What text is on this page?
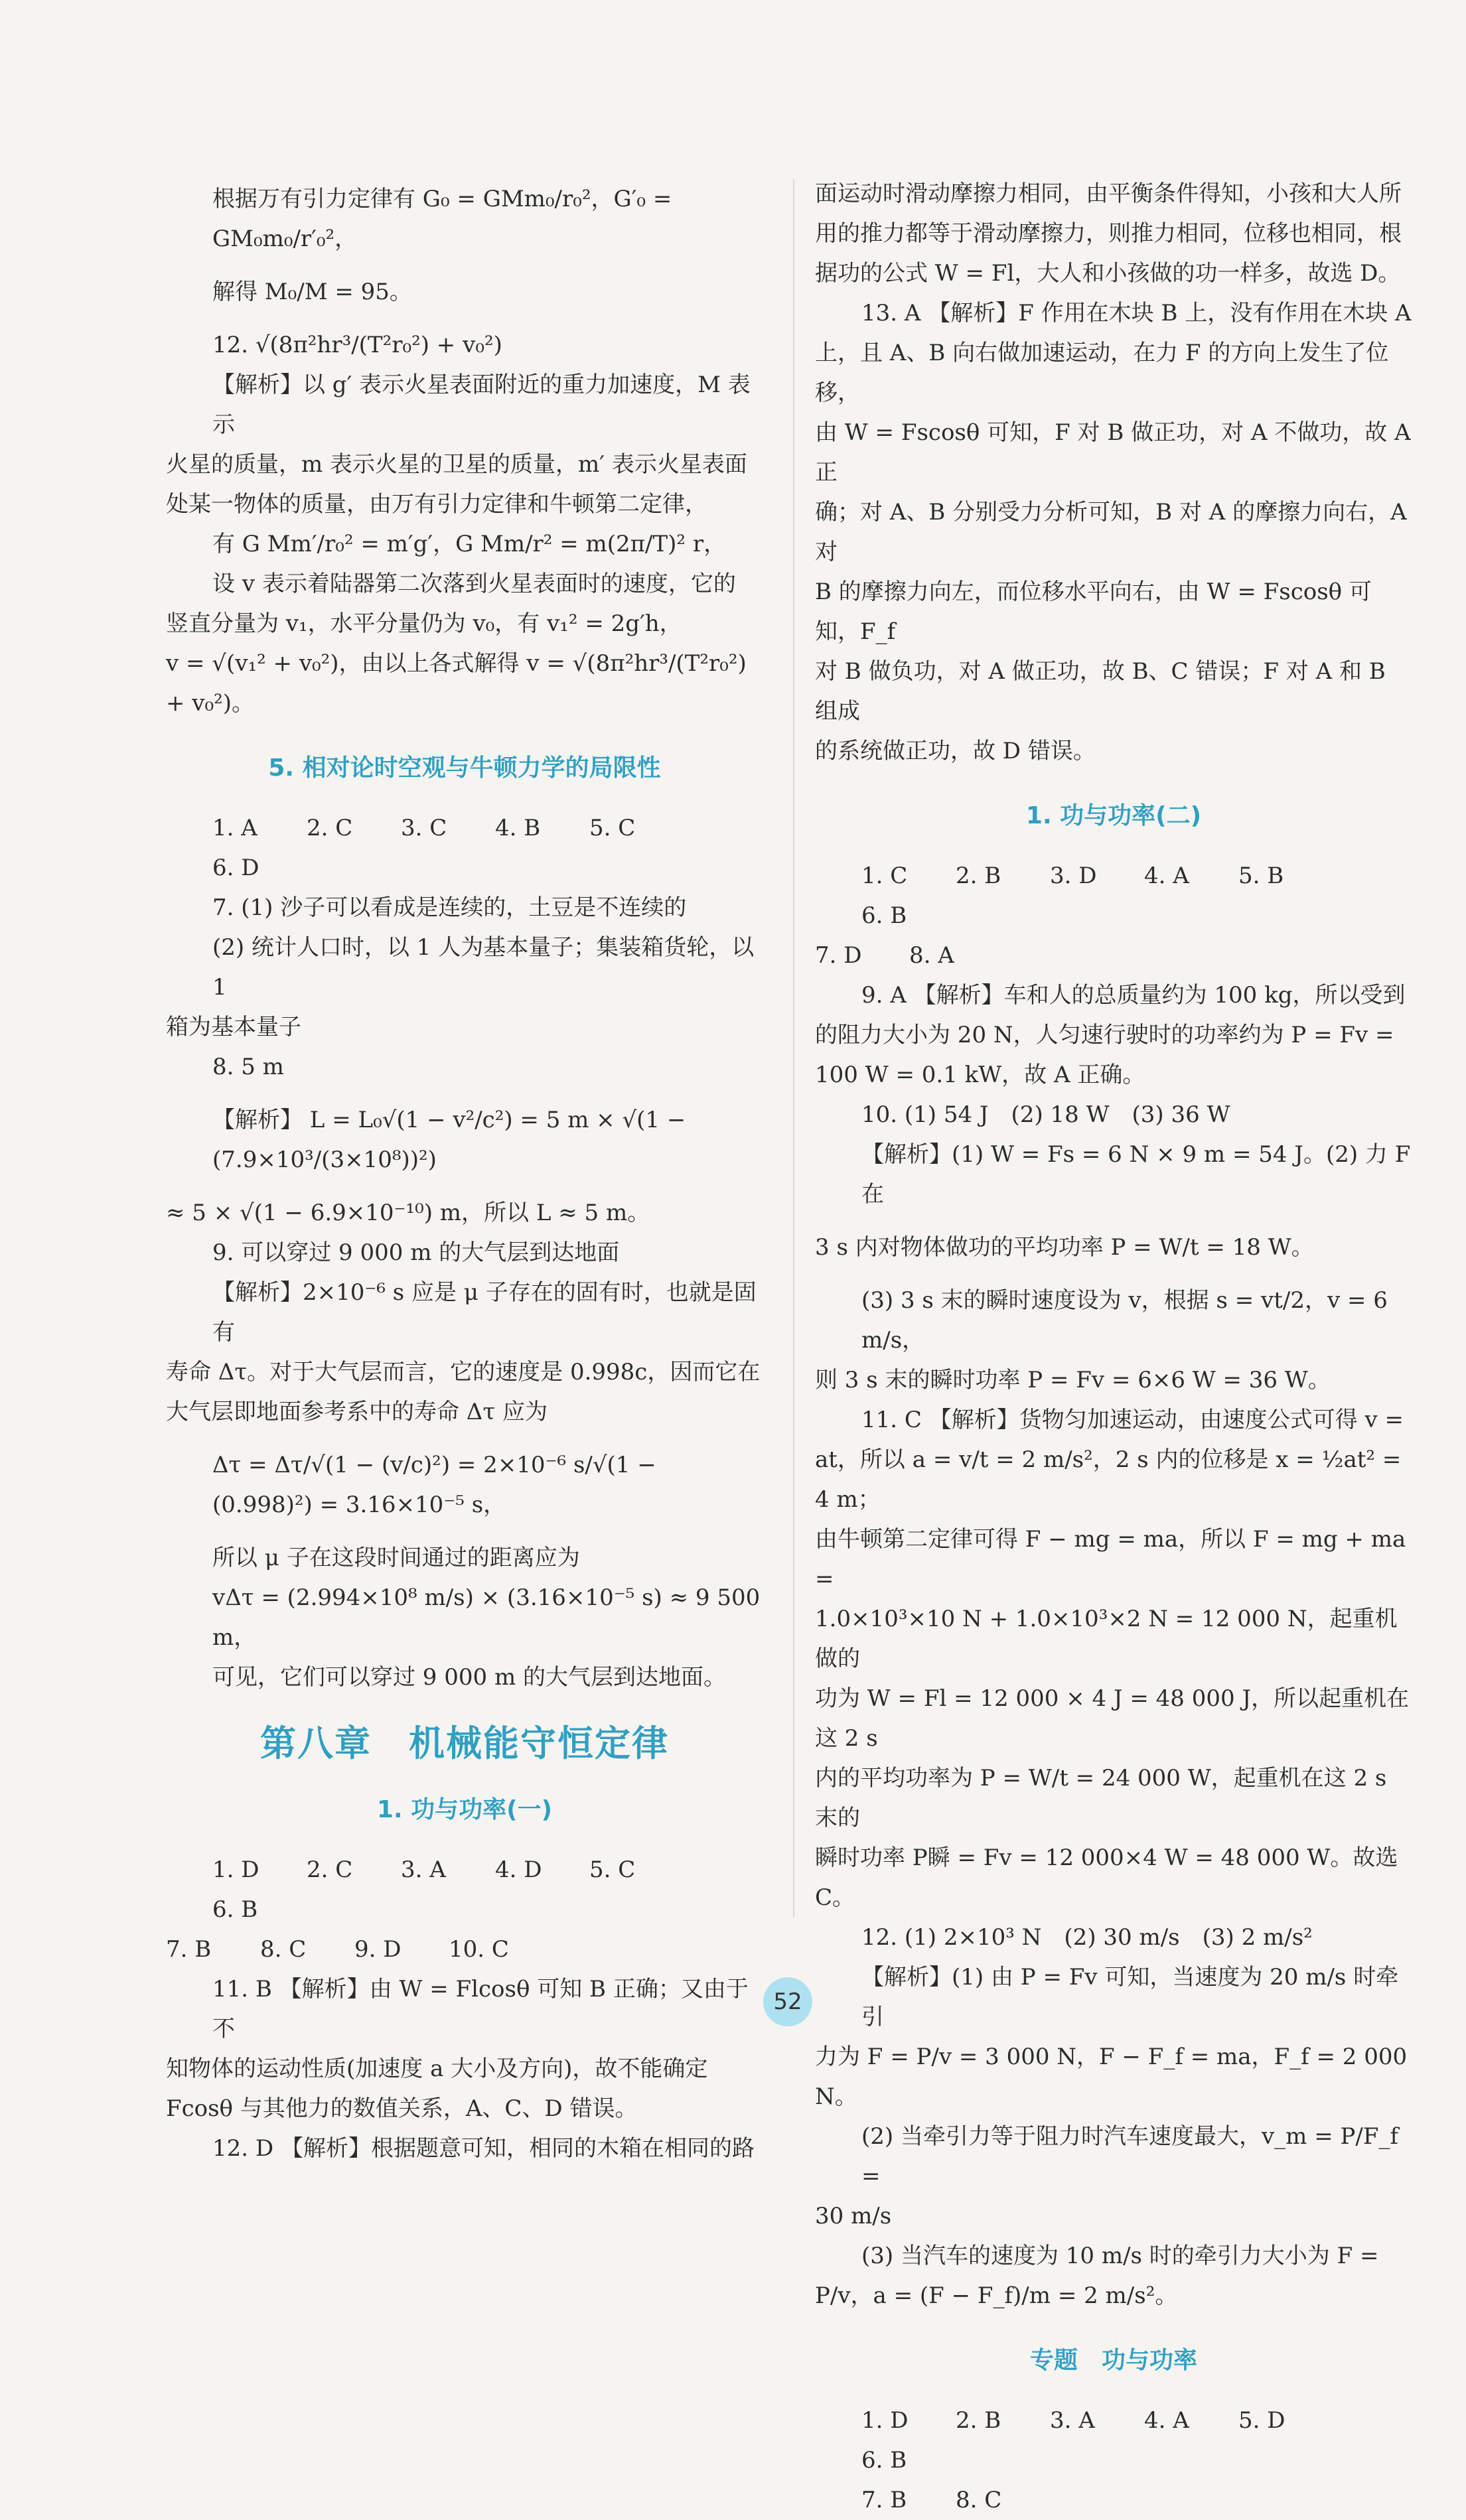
根据万有引力定律有 G₀ = GMm₀/r₀²，G′₀ = GM₀m₀/r′₀²，

解得 M₀/M = 95。

12. √(8π²hr³/(T²r₀²) + v₀²)

【解析】以 g′ 表示火星表面附近的重力加速度，M 表示

火星的质量，m 表示火星的卫星的质量，m′ 表示火星表面

处某一物体的质量，由万有引力定律和牛顿第二定律，

有 G Mm′/r₀² = m′g′，G Mm/r² = m(2π/T)² r，

设 v 表示着陆器第二次落到火星表面时的速度，它的

竖直分量为 v₁，水平分量仍为 v₀，有 v₁² = 2g′h，

v = √(v₁² + v₀²)，由以上各式解得 v = √(8π²hr³/(T²r₀²) + v₀²)。

5. 相对论时空观与牛顿力学的局限性

1. A 2. C 3. C 4. B 5. C6. D

7. (1) 沙子可以看成是连续的，土豆是不连续的

(2) 统计人口时，以 1 人为基本量子；集装箱货轮，以 1

箱为基本量子

8. 5 m

【解析】 L = L₀√(1 − v²/c²) = 5 m × √(1 − (7.9×10³/(3×10⁸))²)

≈ 5 × √(1 − 6.9×10⁻¹⁰) m，所以 L ≈ 5 m。

9. 可以穿过 9 000 m 的大气层到达地面

【解析】2×10⁻⁶ s 应是 μ 子存在的固有时，也就是固有

寿命 Δτ。对于大气层而言，它的速度是 0.998c，因而它在

大气层即地面参考系中的寿命 Δτ 应为

Δτ = Δτ/√(1 − (v/c)²) = 2×10⁻⁶ s/√(1 − (0.998)²) = 3.16×10⁻⁵ s，

所以 μ 子在这段时间通过的距离应为

vΔτ = (2.994×10⁸ m/s) × (3.16×10⁻⁵ s) ≈ 9 500 m，

可见，它们可以穿过 9 000 m 的大气层到达地面。

第八章　机械能守恒定律
1. 功与功率(一)

1. D 2. C 3. A 4. D 5. C6. B

7. B 8. C 9. D 10. C

11. B 【解析】由 W = Flcosθ 可知 B 正确；又由于不

知物体的运动性质(加速度 a 大小及方向)，故不能确定

Fcosθ 与其他力的数值关系，A、C、D 错误。

12. D 【解析】根据题意可知，相同的木箱在相同的路

面运动时滑动摩擦力相同，由平衡条件得知，小孩和大人所

用的推力都等于滑动摩擦力，则推力相同，位移也相同，根

据功的公式 W = Fl，大人和小孩做的功一样多，故选 D。

13. A 【解析】F 作用在木块 B 上，没有作用在木块 A

上，且 A、B 向右做加速运动，在力 F 的方向上发生了位移，

由 W = Fscosθ 可知，F 对 B 做正功，对 A 不做功，故 A 正

确；对 A、B 分别受力分析可知，B 对 A 的摩擦力向右，A 对

B 的摩擦力向左，而位移水平向右，由 W = Fscosθ 可知，F_f

对 B 做负功，对 A 做正功，故 B、C 错误；F 对 A 和 B 组成

的系统做正功，故 D 错误。

1. 功与功率(二)

1. C 2. B 3. D 4. A 5. B6. B

7. D 8. A

9. A 【解析】车和人的总质量约为 100 kg，所以受到

的阻力大小为 20 N，人匀速行驶时的功率约为 P = Fv =

100 W = 0.1 kW，故 A 正确。

10. (1) 54 J　(2) 18 W　(3) 36 W

【解析】(1) W = Fs = 6 N × 9 m = 54 J。(2) 力 F 在

3 s 内对物体做功的平均功率 P = W/t = 18 W。

(3) 3 s 末的瞬时速度设为 v，根据 s = vt/2，v = 6 m/s，

则 3 s 末的瞬时功率 P = Fv = 6×6 W = 36 W。

11. C 【解析】货物匀加速运动，由速度公式可得 v =

at，所以 a = v/t = 2 m/s²，2 s 内的位移是 x = ½at² = 4 m；

由牛顿第二定律可得 F − mg = ma，所以 F = mg + ma =

1.0×10³×10 N + 1.0×10³×2 N = 12 000 N，起重机做的

功为 W = Fl = 12 000 × 4 J = 48 000 J，所以起重机在这 2 s

内的平均功率为 P = W/t = 24 000 W，起重机在这 2 s 末的

瞬时功率 P瞬 = Fv = 12 000×4 W = 48 000 W。故选 C。

12. (1) 2×10³ N　(2) 30 m/s　(3) 2 m/s²

【解析】(1) 由 P = Fv 可知，当速度为 20 m/s 时牵引

力为 F = P/v = 3 000 N，F − F_f = ma，F_f = 2 000 N。

(2) 当牵引力等于阻力时汽车速度最大，v_m = P/F_f =

30 m/s

(3) 当汽车的速度为 10 m/s 时的牵引力大小为 F =

P/v，a = (F − F_f)/m = 2 m/s²。

专题　功与功率

1. D 2. B 3. A 4. A 5. D6. B

7. B 8. C

52
